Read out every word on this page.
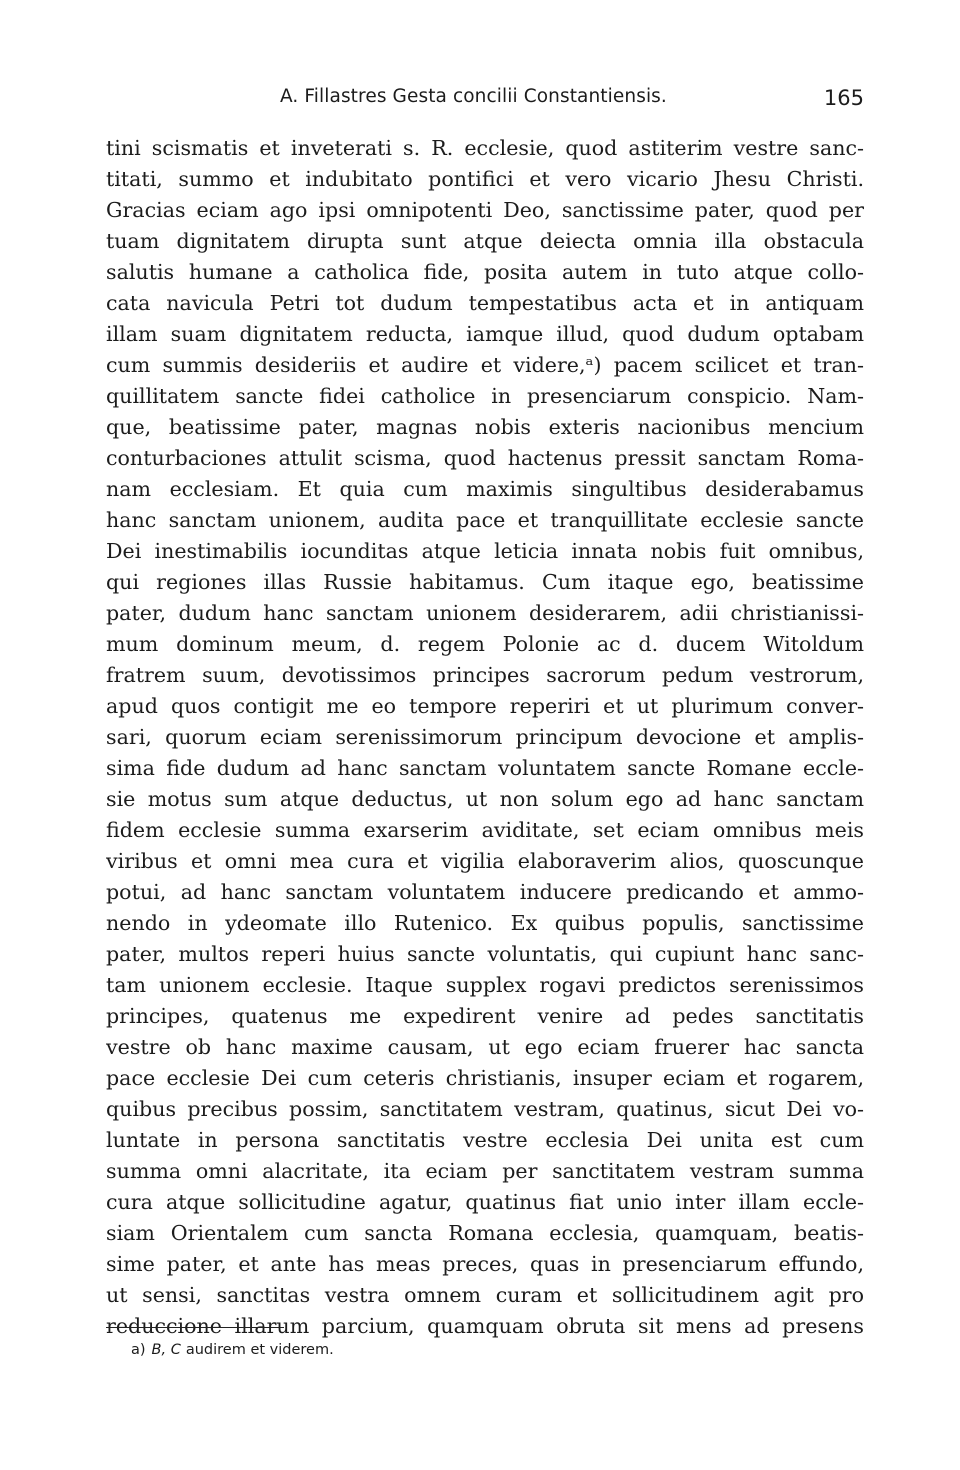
A. Fillastres Gesta concilii Constantiensis.	165
tini scismatis et inveterati s. R. ecclesie, quod astiterim vestre sanc-
titati, summo et indubitato pontifici et vero vicario Jhesu Christi.
Gracias eciam ago ipsi omnipotenti Deo, sanctissime pater, quod per
tuam dignitatem dirupta sunt atque deiecta omnia illa obstacula
salutis humane a catholica fide, posita autem in tuto atque collo-
cata navicula Petri tot dudum tempestatibus acta et in antiquam
illam suam dignitatem reducta, iamque illud, quod dudum optabam
cum summis desideriis et audire et videre,ᵃ) pacem scilicet et tran-
quillitatem sancte fidei catholice in presenciarum conspicio. Nam-
que, beatissime pater, magnas nobis exteris nacionibus mencium
conturbaciones attulit scisma, quod hactenus pressit sanctam Roma-
nam ecclesiam. Et quia cum maximis singultibus desiderabamus
hanc sanctam unionem, audita pace et tranquillitate ecclesie sancte
Dei inestimabilis iocunditas atque leticia innata nobis fuit omnibus,
qui regiones illas Russie habitamus. Cum itaque ego, beatissime
pater, dudum hanc sanctam unionem desiderarem, adii christianissi-
mum dominum meum, d. regem Polonie ac d. ducem Witoldum
fratrem suum, devotissimos principes sacrorum pedum vestrorum,
apud quos contigit me eo tempore reperiri et ut plurimum conver-
sari, quorum eciam serenissimorum principum devocione et amplis-
sima fide dudum ad hanc sanctam voluntatem sancte Romane eccle-
sie motus sum atque deductus, ut non solum ego ad hanc sanctam
fidem ecclesie summa exarserim aviditate, set eciam omnibus meis
viribus et omni mea cura et vigilia elaboraverim alios, quoscunque
potui, ad hanc sanctam voluntatem inducere predicando et ammo-
nendo in ydeomate illo Rutenico. Ex quibus populis, sanctissime
pater, multos reperi huius sancte voluntatis, qui cupiunt hanc sanc-
tam unionem ecclesie. Itaque supplex rogavi predictos serenissimos
principes, quatenus me expedirent venire ad pedes sanctitatis
vestre ob hanc maxime causam, ut ego eciam fruerer hac sancta
pace ecclesie Dei cum ceteris christianis, insuper eciam et rogarem,
quibus precibus possim, sanctitatem vestram, quatinus, sicut Dei vo-
luntate in persona sanctitatis vestre ecclesia Dei unita est cum
summa omni alacritate, ita eciam per sanctitatem vestram summa
cura atque sollicitudine agatur, quatinus fiat unio inter illam eccle-
siam Orientalem cum sancta Romana ecclesia, quamquam, beatis-
sime pater, et ante has meas preces, quas in presenciarum effundo,
ut sensi, sanctitas vestra omnem curam et sollicitudinem agit pro
reduccione illarum parcium, quamquam obruta sit mens ad presens
a) B, C audirem et viderem.
